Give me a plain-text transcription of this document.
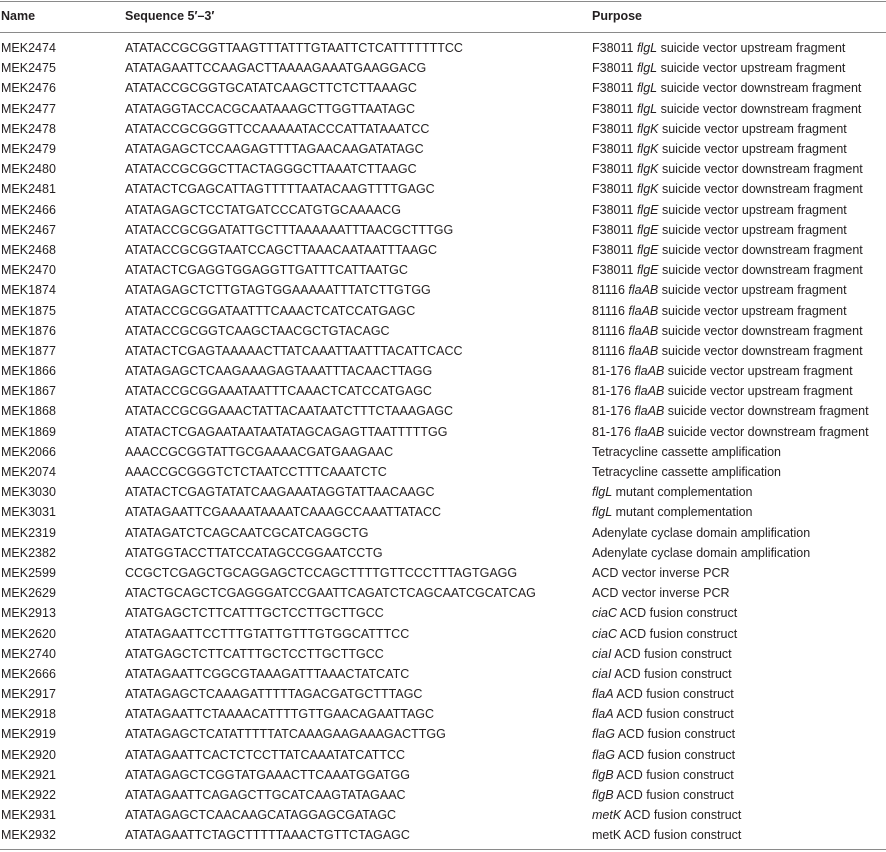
Name	Sequence 5′–3′	Purpose
MEK2474	ATATACCGCGGTTAAGTTTATTTGTAATTCTCATTTTTTTCC	F38011 flgL suicide vector upstream fragment
MEK2475	ATATAGAATTCCAAGACTTAAAAGAAATGAAGGACG	F38011 flgL suicide vector upstream fragment
MEK2476	ATATACCGCGGTGCATATCAAGCTTCTCTTAAAGC	F38011 flgL suicide vector downstream fragment
MEK2477	ATATAGGTACCACGCAATAAAGCTTGGTTAATAGC	F38011 flgL suicide vector downstream fragment
MEK2478	ATATACCGCGGGTTCCAAAAATACCCATTATAAATCC	F38011 flgK suicide vector upstream fragment
MEK2479	ATATAGAGCTCCAAGAGTTTTAGAACAAGATATAGC	F38011 flgK suicide vector upstream fragment
MEK2480	ATATACCGCGGCTTACTAGGGCTTAAATCTTAAGC	F38011 flgK suicide vector downstream fragment
MEK2481	ATATACTCGAGCATTAGTTTTTAATACAAGTTTTGAGC	F38011 flgK suicide vector downstream fragment
MEK2466	ATATAGAGCTCCTATGATCCCATGTGCAAAACG	F38011 flgE suicide vector upstream fragment
MEK2467	ATATACCGCGGATATTGCTTTAAAAAATTTAACGCTTTGG	F38011 flgE suicide vector upstream fragment
MEK2468	ATATACCGCGGTAATCCAGCTTAAACAATAATTTAAGC	F38011 flgE suicide vector downstream fragment
MEK2470	ATATACTCGAGGTGGAGGTTGATTTCATTAATGC	F38011 flgE suicide vector downstream fragment
MEK1874	ATATAGAGCTCTTGTAGTGGAAAAATTTATCTTGTGG	81116 flaAB suicide vector upstream fragment
MEK1875	ATATACCGCGGATAATTTCAAACTCATCCATGAGC	81116 flaAB suicide vector upstream fragment
MEK1876	ATATACCGCGGTCAAGCTAACGCTGTACAGC	81116 flaAB suicide vector downstream fragment
MEK1877	ATATACTCGAGTAAAAACTTATCAAATTAATTTACATTCACC	81116 flaAB suicide vector downstream fragment
MEK1866	ATATAGAGCTCAAGAAAGAGTAAATTTACAACTTAGG	81-176 flaAB suicide vector upstream fragment
MEK1867	ATATACCGCGGAAATAATTTCAAACTCATCCATGAGC	81-176 flaAB suicide vector upstream fragment
MEK1868	ATATACCGCGGAAACTATTACAATAATCTTTCTAAAGAGC	81-176 flaAB suicide vector downstream fragment
MEK1869	ATATACTCGAGAATAATAATATAGCAGAGTTAATTTTTGG	81-176 flaAB suicide vector downstream fragment
MEK2066	AAACCGCGGTATTGCGAAAACGATGAAGAAC	Tetracycline cassette amplification
MEK2074	AAACCGCGGGTCTCTAATCCTTTCAAATCTC	Tetracycline cassette amplification
MEK3030	ATATACTCGAGTATATCAAGAAATAGGTATTAACAAGC	flgL mutant complementation
MEK3031	ATATAGAATTCGAAAATAAAATCAAAGCCAAATTATACC	flgL mutant complementation
MEK2319	ATATAGATCTCAGCAATCGCATCAGGCTG	Adenylate cyclase domain amplification
MEK2382	ATATGGTACCTTATCCATAGCCGGAATCCTG	Adenylate cyclase domain amplification
MEK2599	CCGCTCGAGCTGCAGGAGCTCCAGCTTTTGTTCCCTTTAGTGAGG	ACD vector inverse PCR
MEK2629	ATACTGCAGCTCGAGGGATCCGAATTCAGATCTCAGCAATCGCATCAG	ACD vector inverse PCR
MEK2913	ATATGAGCTCTTCATTTGCTCCTTGCTTGCC	ciaC ACD fusion construct
MEK2620	ATATAGAATTCCTTTGTATTGTTTGTGGCATTTCC	ciaC ACD fusion construct
MEK2740	ATATGAGCTCTTCATTTGCTCCTTGCTTGCC	ciaI ACD fusion construct
MEK2666	ATATAGAATTCGGCGTAAAGATTTAAACTATCATC	ciaI ACD fusion construct
MEK2917	ATATAGAGCTCAAAGATTTTTAGACGATGCTTTAGC	flaA ACD fusion construct
MEK2918	ATATAGAATTCTAAAACATTTTGTTGAACAGAATTAGC	flaA ACD fusion construct
MEK2919	ATATAGAGCTCATATTTTTATCAAAGAAGAAAGACTTGG	flaG ACD fusion construct
MEK2920	ATATAGAATTCACTCTCCTTATCAAATATCATTCC	flaG ACD fusion construct
MEK2921	ATATAGAGCTCGGTATGAAACTTCAAATGGATGG	flgB ACD fusion construct
MEK2922	ATATAGAATTCAGAGCTTGCATCAAGTATAGAAC	flgB ACD fusion construct
MEK2931	ATATAGAGCTCAACAAGCATAGGAGCGATAGC	metK ACD fusion construct
MEK2932	ATATAGAATTCTAGCTTTTTAAACTGTTCTAGAGC	metK ACD fusion construct
